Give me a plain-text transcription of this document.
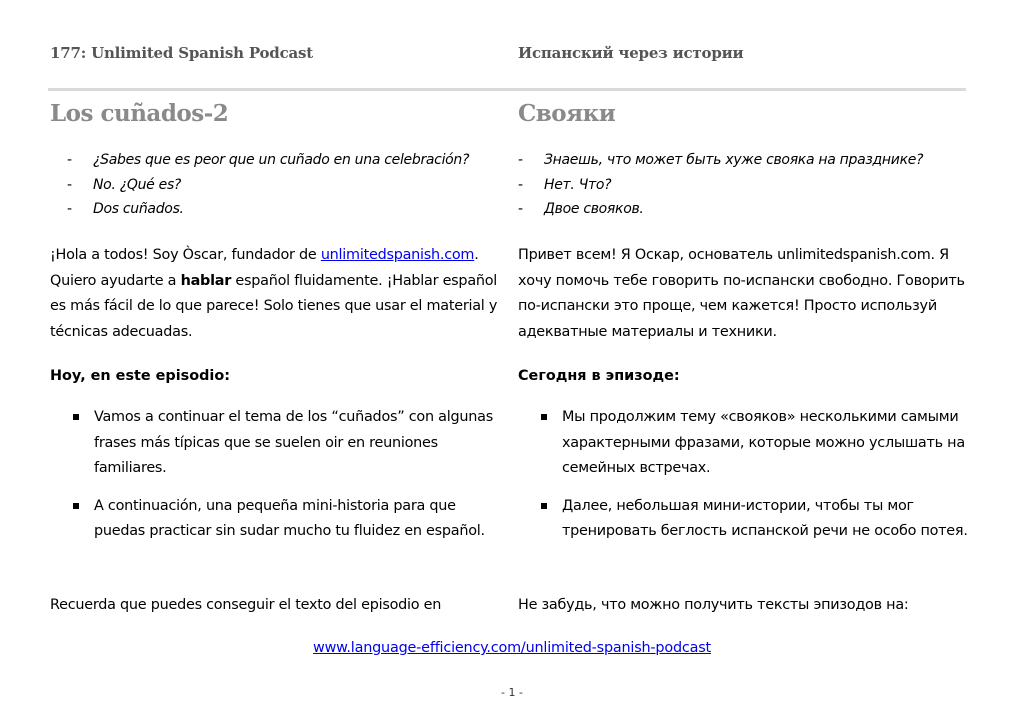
177: Unlimited Spanish Podcast	Испанский через истории
Los cuñados-2
- ¿Sabes que es peor que un cuñado en una celebración?
- No. ¿Qué es?
- Dos cuñados.

¡Hola a todos! Soy Òscar, fundador de unlimitedspanish.com. Quiero ayudarte a hablar español fluidamente. ¡Hablar español es más fácil de lo que parece! Solo tienes que usar el material y técnicas adecuadas.

Hoy, en este episodio:
Vamos a continuar el tema de los “cuñados” con algunas frases más típicas que se suelen oir en reuniones familiares.
A continuación, una pequeña mini-historia para que puedas practicar sin sudar mucho tu fluidez en español.

Recuerda que puedes conseguir el texto del episodio en

Свояки
- Знаешь, что может быть хуже свояка на празднике?
- Нет. Что?
- Двое свояков.

Привет всем! Я Оскар, основатель unlimitedspanish.com. Я хочу помочь тебе говорить по-испански свободно. Говорить по-испански это проще, чем кажется! Просто используй адекватные материалы и техники.

Сегодня в эпизоде:
Мы продолжим тему «свояков» несколькими самыми характерными фразами, которые можно услышать на семейных встречах.
Далее, небольшая мини-истории, чтобы ты мог тренировать беглость испанской речи не особо потея.

Не забудь, что можно получить тексты эпизодов на:

www.language-efficiency.com/unlimited-spanish-podcast
- 1 -
